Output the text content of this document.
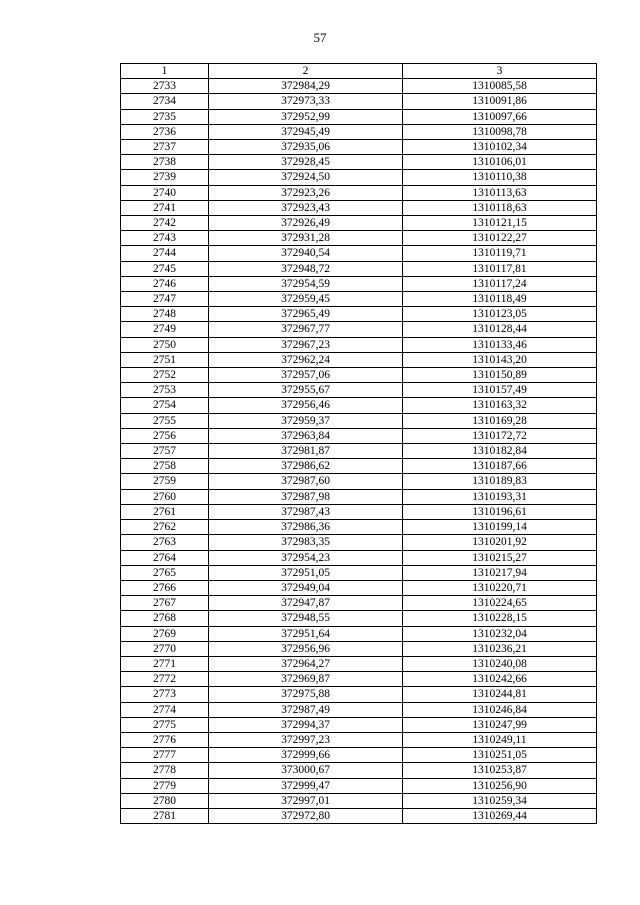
57
1	2	3
2733	372984,29	1310085,58
2734	372973,33	1310091,86
2735	372952,99	1310097,66
2736	372945,49	1310098,78
2737	372935,06	1310102,34
2738	372928,45	1310106,01
2739	372924,50	1310110,38
2740	372923,26	1310113,63
2741	372923,43	1310118,63
2742	372926,49	1310121,15
2743	372931,28	1310122,27
2744	372940,54	1310119,71
2745	372948,72	1310117,81
2746	372954,59	1310117,24
2747	372959,45	1310118,49
2748	372965,49	1310123,05
2749	372967,77	1310128,44
2750	372967,23	1310133,46
2751	372962,24	1310143,20
2752	372957,06	1310150,89
2753	372955,67	1310157,49
2754	372956,46	1310163,32
2755	372959,37	1310169,28
2756	372963,84	1310172,72
2757	372981,87	1310182,84
2758	372986,62	1310187,66
2759	372987,60	1310189,83
2760	372987,98	1310193,31
2761	372987,43	1310196,61
2762	372986,36	1310199,14
2763	372983,35	1310201,92
2764	372954,23	1310215,27
2765	372951,05	1310217,94
2766	372949,04	1310220,71
2767	372947,87	1310224,65
2768	372948,55	1310228,15
2769	372951,64	1310232,04
2770	372956,96	1310236,21
2771	372964,27	1310240,08
2772	372969,87	1310242,66
2773	372975,88	1310244,81
2774	372987,49	1310246,84
2775	372994,37	1310247,99
2776	372997,23	1310249,11
2777	372999,66	1310251,05
2778	373000,67	1310253,87
2779	372999,47	1310256,90
2780	372997,01	1310259,34
2781	372972,80	1310269,44
